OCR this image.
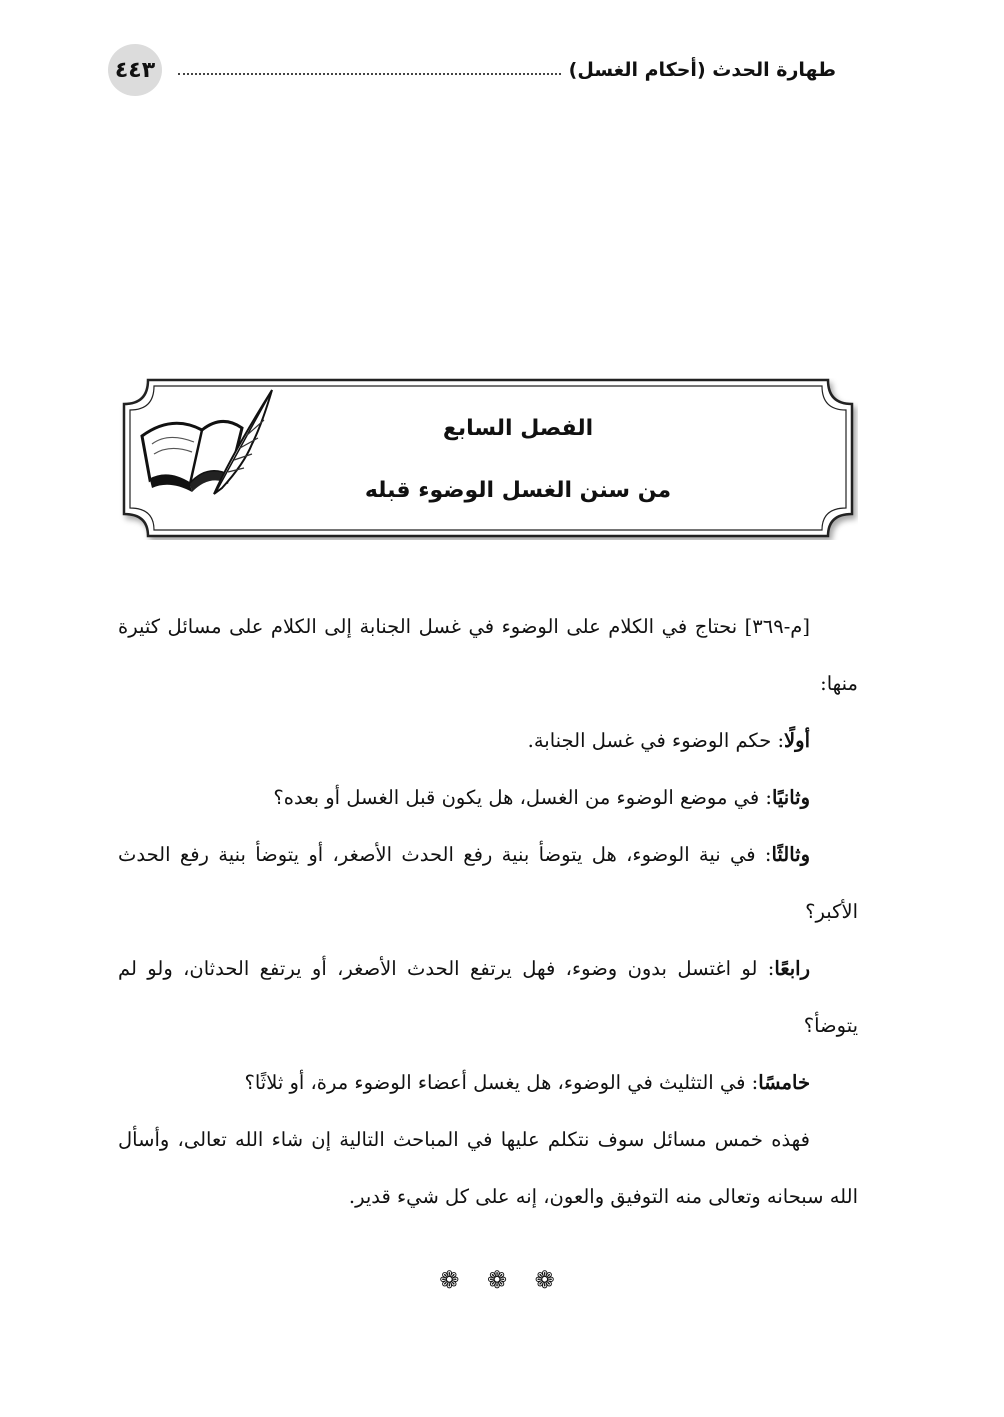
٤٤٣	طهارة الحدث (أحكام الغسل)
الفصل السابع
من سنن الغسل الوضوء قبله

[م-٣٦٩] نحتاج في الكلام على الوضوء في غسل الجنابة إلى الكلام على مسائل كثيرة منها:

أولًا: حكم الوضوء في غسل الجنابة.

وثانيًا: في موضع الوضوء من الغسل، هل يكون قبل الغسل أو بعده؟

وثالثًا: في نية الوضوء، هل يتوضأ بنية رفع الحدث الأصغر، أو يتوضأ بنية رفع الحدث الأكبر؟

رابعًا: لو اغتسل بدون وضوء، فهل يرتفع الحدث الأصغر، أو يرتفع الحدثان، ولو لم يتوضأ؟

خامسًا: في التثليث في الوضوء، هل يغسل أعضاء الوضوء مرة، أو ثلاثًا؟

فهذه خمس مسائل سوف نتكلم عليها في المباحث التالية إن شاء الله تعالى، وأسأل الله سبحانه وتعالى منه التوفيق والعون، إنه على كل شيء قدير.

❁ ❁ ❁
